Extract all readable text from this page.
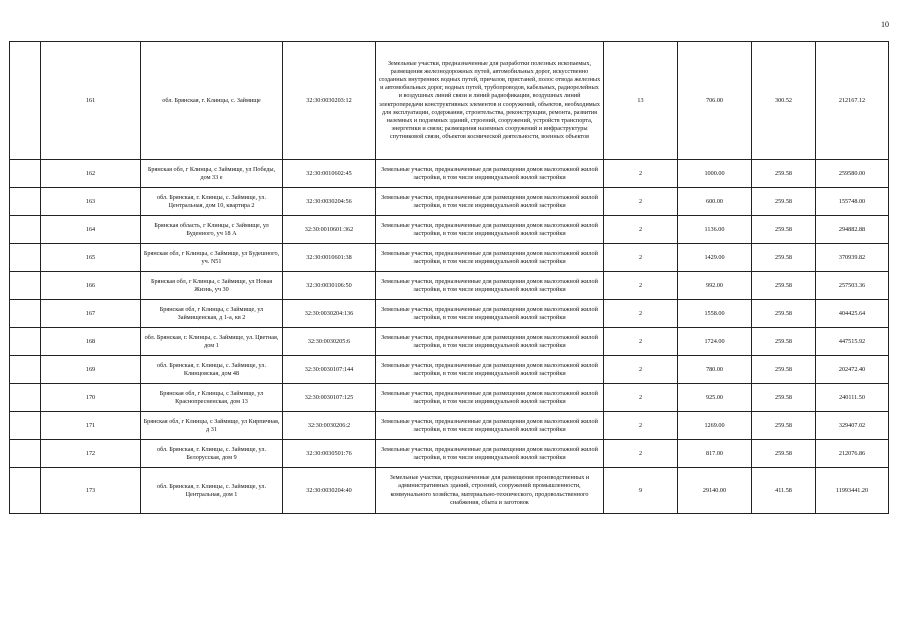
10
	161	обл. Брянская, г. Клинцы, с. Займище	32:30:0030203:12	Земельные участки, предназначенные для разработки полезных ископаемых, размещения железнодорожных путей, автомобильных дорог, искусственно созданных внутренних водных путей, причалов, пристаней, полос отвода железных и автомобильных дорог, водных путей, трубопроводов, кабельных, радиорелейных и воздушных линий связи и линий радиофикации, воздушных линий электропередачи конструктивных элементов и сооружений, объектов, необходимых для эксплуатации, содержания, строительства, реконструкции, ремонта, развития наземных и подземных зданий, строений, сооружений, устройств транспорта, энергетики и связи; размещения наземных сооружений и инфраструктуры спутниковой связи, объектов космической деятельности, военных объектов	13	706.00	300.52	212167.12
	162	Брянская обл, г Клинцы, с Займище, ул Победы, дом 33 е	32:30:0010602:45	Земельные участки, предназначенные для размещения домов малоэтажной жилой застройки, в том числе индивидуальной жилой застройки	2	1000.00	259.58	259580.00
	163	обл. Брянская, г. Клинцы, с. Займище, ул. Центральная, дом 10, квартира 2	32:30:0030204:56	Земельные участки, предназначенные для размещения домов малоэтажной жилой застройки, в том числе индивидуальной жилой застройки	2	600.00	259.58	155748.00
	164	Брянская область, г Клинцы, с Займище, ул Буденного, уч 18 А	32:30:0010601:362	Земельные участки, предназначенные для размещения домов малоэтажной жилой застройки, в том числе индивидуальной жилой застройки	2	1136.00	259.58	294882.88
	165	Брянская обл, г Клинцы, с Займище, ул Будешного, уч. N51	32:30:0010601:38	Земельные участки, предназначенные для размещения домов малоэтажной жилой застройки, в том числе индивидуальной жилой застройки	2	1429.00	259.58	370939.82
	166	Брянская обл, г Клинцы, с Займище, ул Новая Жизнь, уч 30	32:30:0030106:50	Земельные участки, предназначенные для размещения домов малоэтажной жилой застройки, в том числе индивидуальной жилой застройки	2	992.00	259.58	257503.36
	167	Брянская обл, г Клинцы, с Займище, ул Займищенская, д 1-а, кв 2	32:30:0030204:136	Земельные участки, предназначенные для размещения домов малоэтажной жилой застройки, в том числе индивидуальной жилой застройки	2	1558.00	259.58	404425.64
	168	обл. Брянская, г. Клинцы, с. Займище, ул. Цветная, дом 1	32:30:0030205:6	Земельные участки, предназначенные для размещения домов малоэтажной жилой застройки, в том числе индивидуальной жилой застройки	2	1724.00	259.58	447515.92
	169	обл. Брянская, г. Клинцы, с. Займище, ул. Клинцовская, дом 48	32:30:0030107:144	Земельные участки, предназначенные для размещения домов малоэтажной жилой застройки, в том числе индивидуальной жилой застройки	2	780.00	259.58	202472.40
	170	Брянская обл, г Клинцы, с Займище, ул Краснопресненская, дом 13	32:30:0030107:125	Земельные участки, предназначенные для размещения домов малоэтажной жилой застройки, в том числе индивидуальной жилой застройки	2	925.00	259.58	240111.50
	171	Брянская обл, г Клинцы, с Займище, ул Кирпичная, д 31	32:30:0030206:2	Земельные участки, предназначенные для размещения домов малоэтажной жилой застройки, в том числе индивидуальной жилой застройки	2	1269.00	259.58	329407.02
	172	обл. Брянская, г. Клинцы, с. Займище, ул. Белорусская, дом 9	32:30:0030501:76	Земельные участки, предназначенные для размещения домов малоэтажной жилой застройки, в том числе индивидуальной жилой застройки	2	817.00	259.58	212076.86
	173	обл. Брянская, г. Клинцы, с. Займище, ул. Центральная, дом 1	32:30:0030204:40	Земельные участки, предназначенные для размещения производственных и административных зданий, строений, сооружений промышленности, коммунального хозяйства, материально-технического, продовольственного снабжения, сбыта и заготовок	9	29140.00	411.58	11993441.20
